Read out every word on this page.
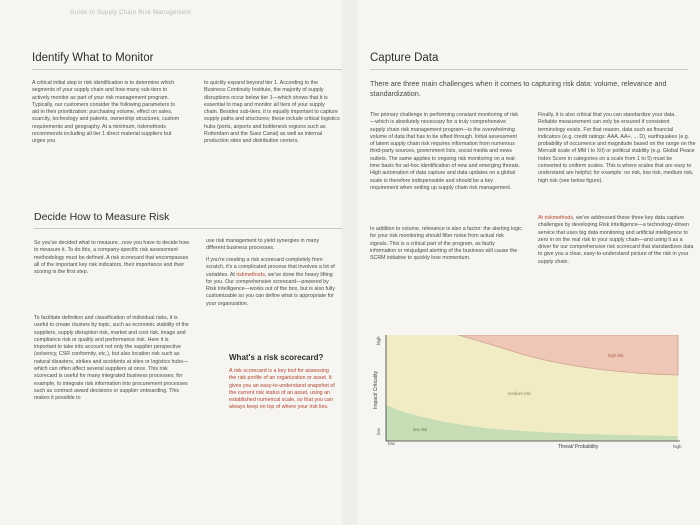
Guide to Supply Chain Risk Management
Identify What to Monitor

A critical initial step in risk identification is to determine which segments of your supply chain and how many sub-tiers to actively monitor as part of your risk management program. Typically, our customers consider the following parameters to aid in their prioritization: purchasing volume, effect on sales, scarcity, technology and patents, ownership structures, custom requirements and geography. At a minimum, riskmethods recommends including all tier 1 direct material suppliers but urges you

to quickly expand beyond tier 1. According to the Business Continuity Institute, the majority of supply disruptions occur below tier 1—which shows that it is essential to map and monitor all tiers of your supply chain. Besides sub-tiers, it is equally important to capture supply paths and structures; these include critical logistics hubs (ports, airports and bottleneck regions such as Rotterdam and the Suez Canal) as well as internal production sites and distribution centers.

Decide How to Measure Risk

So you've decided what to measure...now you have to decide how to measure it. To do this, a company-specific risk assessment methodology must be defined. A risk scorecard that encompasses all of the important key risk indicators, their importance and their scoring is the first step.

To facilitate definition and classification of individual risks, it is useful to create clusters by topic, such as economic stability of the suppliers, supply disruption risk, market and cost risk, image and compliance risk or quality and performance risk. Here it is important to take into account not only the supplier perspective (solvency, CSR conformity, etc.), but also location risk such as natural disasters, strikes and accidents at sites or logistics hubs—which can often affect several suppliers at once. This risk scorecard is useful for many integrated business processes; for example, to integrate risk information into procurement processes such as contract award decisions or supplier onboarding. This makes it possible to

use risk management to yield synergies in many different business processes.

If you're creating a risk scorecard completely from scratch, it's a complicated process that involves a lot of variables. At riskmethods, we've done the heavy lifting for you. Our comprehensive scorecard—powered by Risk Intelligence—works out of the box, but is also fully customizable so you can define what is appropriate for your organization.

What's a risk scorecard?

A risk scorecard is a key tool for assessing the risk profile of an organization or asset. It gives you an easy-to-understand snapshot of the current risk status of an asset, using an established numerical scale, so that you can always keep on top of where your risk lies.

Capture Data

There are three main challenges when it comes to capturing risk data: volume, relevance and standardization.

The primary challenge in performing constant monitoring of risk—which is absolutely necessary for a truly comprehensive supply chain risk management program—is the overwhelming volume of data that has to be sifted through. Initial assessment of latent supply chain risk requires information from numerous third-party sources, government lists, social media and news outlets. The same applies to ongoing risk monitoring on a real-time basis for ad-hoc identification of new and emerging threats. High automation of data capture and data updates on a global scale is therefore indispensable and should be a key requirement when setting up supply chain risk management.

In addition to volume, relevance is also a factor: the alerting logic for your risk monitoring should filter noise from actual risk signals. This is a critical part of the program, as faulty information or misjudged alerting of the business will cause the SCRM initiative to quickly lose momentum.

Finally, it is also critical that you can standardize your data. Reliable measurement can only be ensured if consistent terminology exists. For that reason, data such as financial indicators (e.g. credit ratings: AAA, AA+, ... D), earthquakes (e.g. probability of occurrence and magnitude based on the range on the Mercalli scale of MM I to XII) or political stability (e.g. Global Peace Index Score in categories on a scale from 1 to 5) must be converted to uniform scales. This is where scales that are easy to understand are helpful; for example: no risk, low risk, medium risk, high risk (see below figure).

At riskmethods, we've addressed these three key data capture challenges by developing Risk Intelligence—a technology-driven service that uses big data monitoring and artificial intelligence to zero in on the real risk to your supply chain—and using it as a driver for our comprehensive risk scorecard that standardizes data to give you a clear, easy-to-understand picture of the risk in your supply chain.

low
high
low
high
Threat/ Probability
Impact/ Criticality
low risk
medium risk
high risk
